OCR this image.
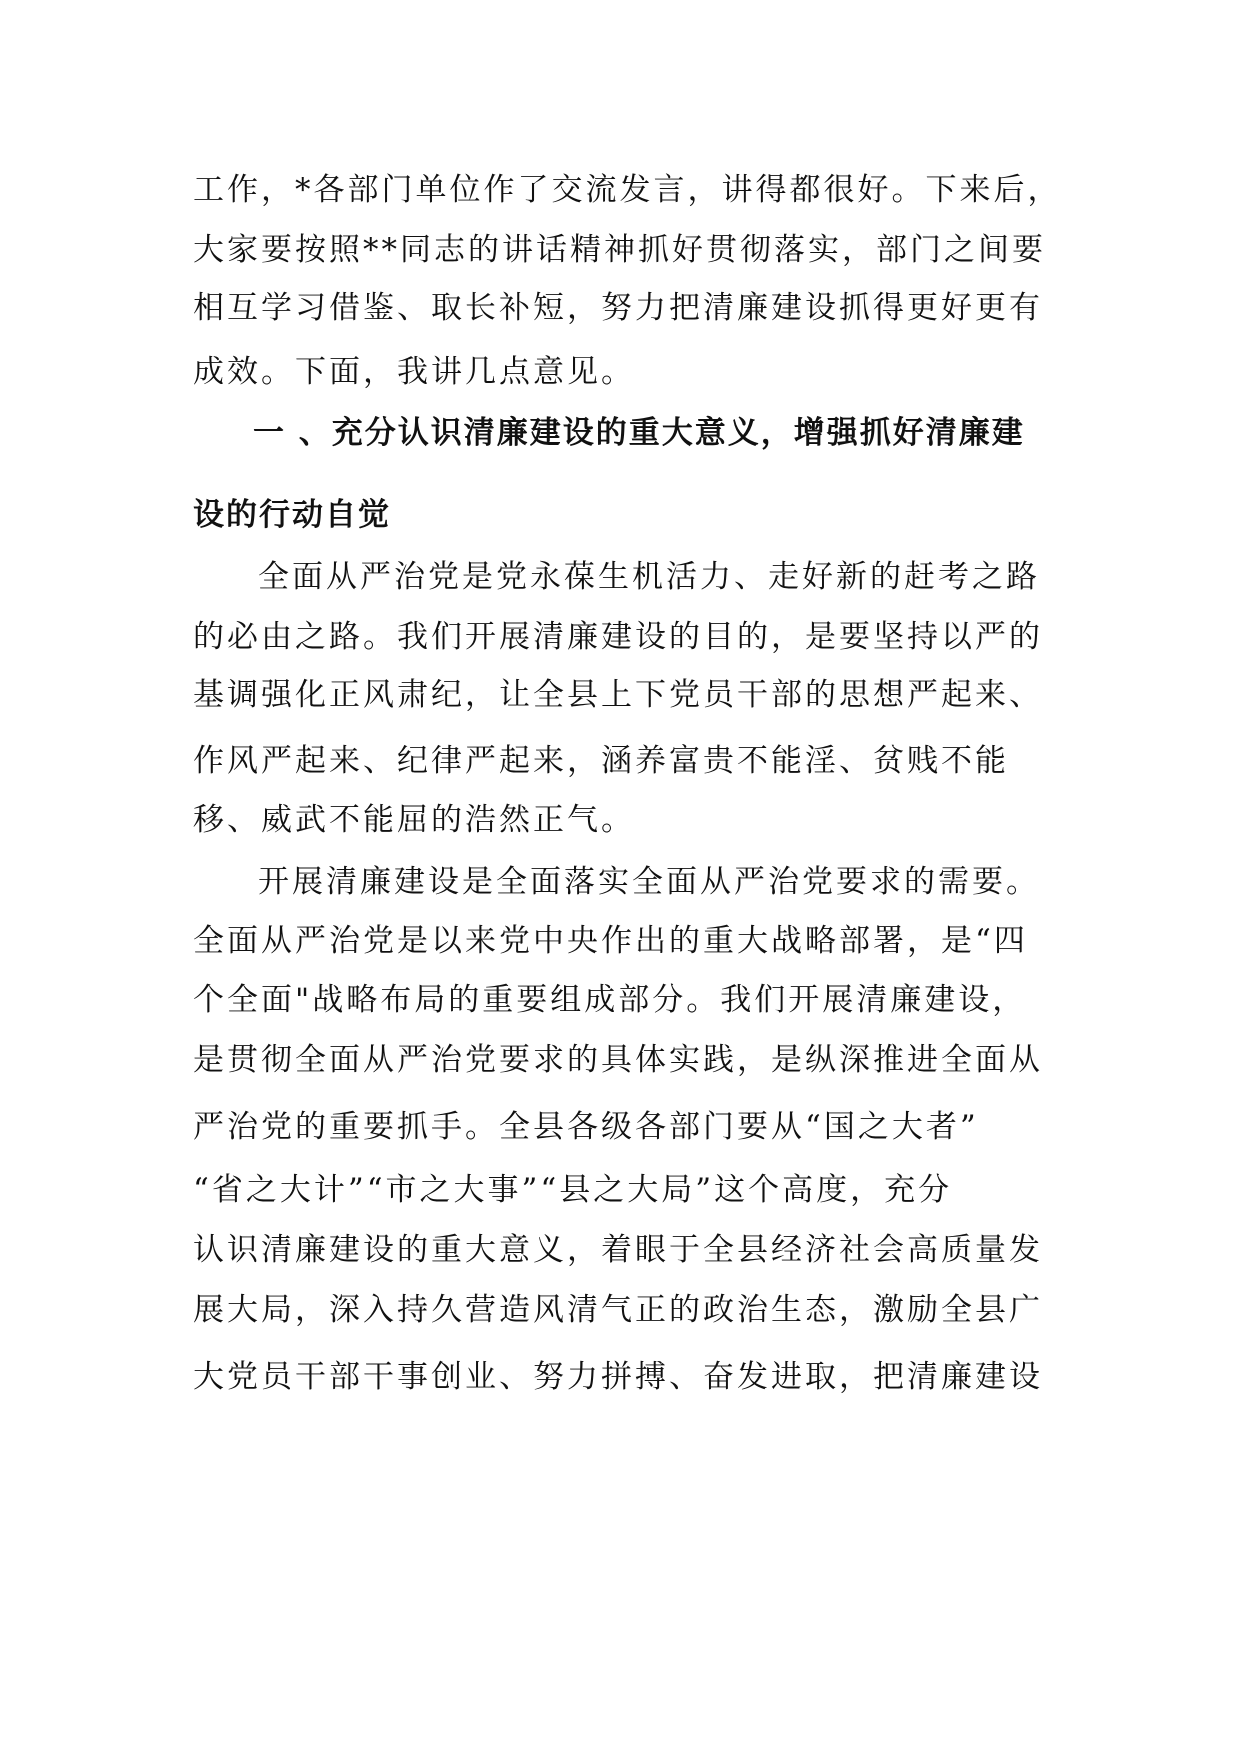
工作，*各部门单位作了交流发言，讲得都很好。下来后，
大家要按照**同志的讲话精神抓好贯彻落实，部门之间要
相互学习借鉴、取长补短，努力把清廉建设抓得更好更有
成效。下面，我讲几点意见。
一 、充分认识清廉建设的重大意义，增强抓好清廉建
设的行动自觉
全面从严治党是党永葆生机活力、走好新的赶考之路
的必由之路。我们开展清廉建设的目的，是要坚持以严的
基调强化正风肃纪，让全县上下党员干部的思想严起来、
作风严起来、纪律严起来，涵养富贵不能淫、贫贱不能
移、威武不能屈的浩然正气。
开展清廉建设是全面落实全面从严治党要求的需要。
全面从严治党是以来党中央作出的重大战略部署，是“四
个全面"战略布局的重要组成部分。我们开展清廉建设，
是贯彻全面从严治党要求的具体实践，是纵深推进全面从
严治党的重要抓手。全县各级各部门要从“国之大者”
“省之大计”“市之大事”“县之大局”这个高度，充分
认识清廉建设的重大意义，着眼于全县经济社会高质量发
展大局，深入持久营造风清气正的政治生态，激励全县广
大党员干部干事创业、努力拼搏、奋发进取，把清廉建设
